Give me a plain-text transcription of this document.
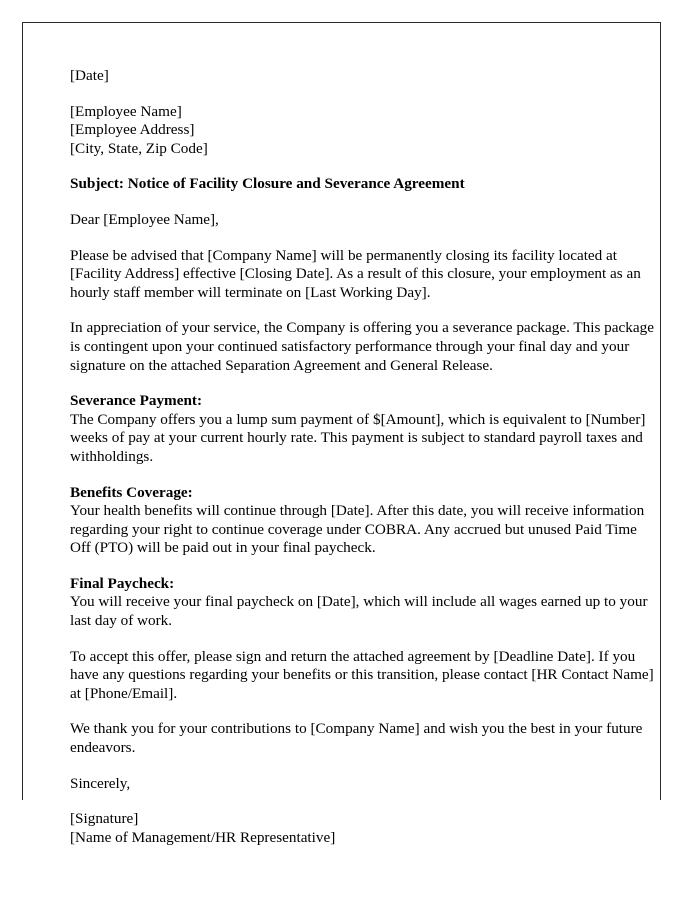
[Date]

[Employee Name]

[Employee Address]

[City, State, Zip Code]

Subject: Notice of Facility Closure and Severance Agreement

Dear [Employee Name],

Please be advised that [Company Name] will be permanently closing its facility located at [Facility Address] effective [Closing Date]. As a result of this closure, your employment as an hourly staff member will terminate on [Last Working Day].

In appreciation of your service, the Company is offering you a severance package. This package is contingent upon your continued satisfactory performance through your final day and your signature on the attached Separation Agreement and General Release.

Severance Payment:

The Company offers you a lump sum payment of $[Amount], which is equivalent to [Number] weeks of pay at your current hourly rate. This payment is subject to standard payroll taxes and withholdings.

Benefits Coverage:

Your health benefits will continue through [Date]. After this date, you will receive information regarding your right to continue coverage under COBRA. Any accrued but unused Paid Time Off (PTO) will be paid out in your final paycheck.

Final Paycheck:

You will receive your final paycheck on [Date], which will include all wages earned up to your last day of work.

To accept this offer, please sign and return the attached agreement by [Deadline Date]. If you have any questions regarding your benefits or this transition, please contact [HR Contact Name] at [Phone/Email].

We thank you for your contributions to [Company Name] and wish you the best in your future endeavors.

Sincerely,

[Signature]

[Name of Management/HR Representative]
